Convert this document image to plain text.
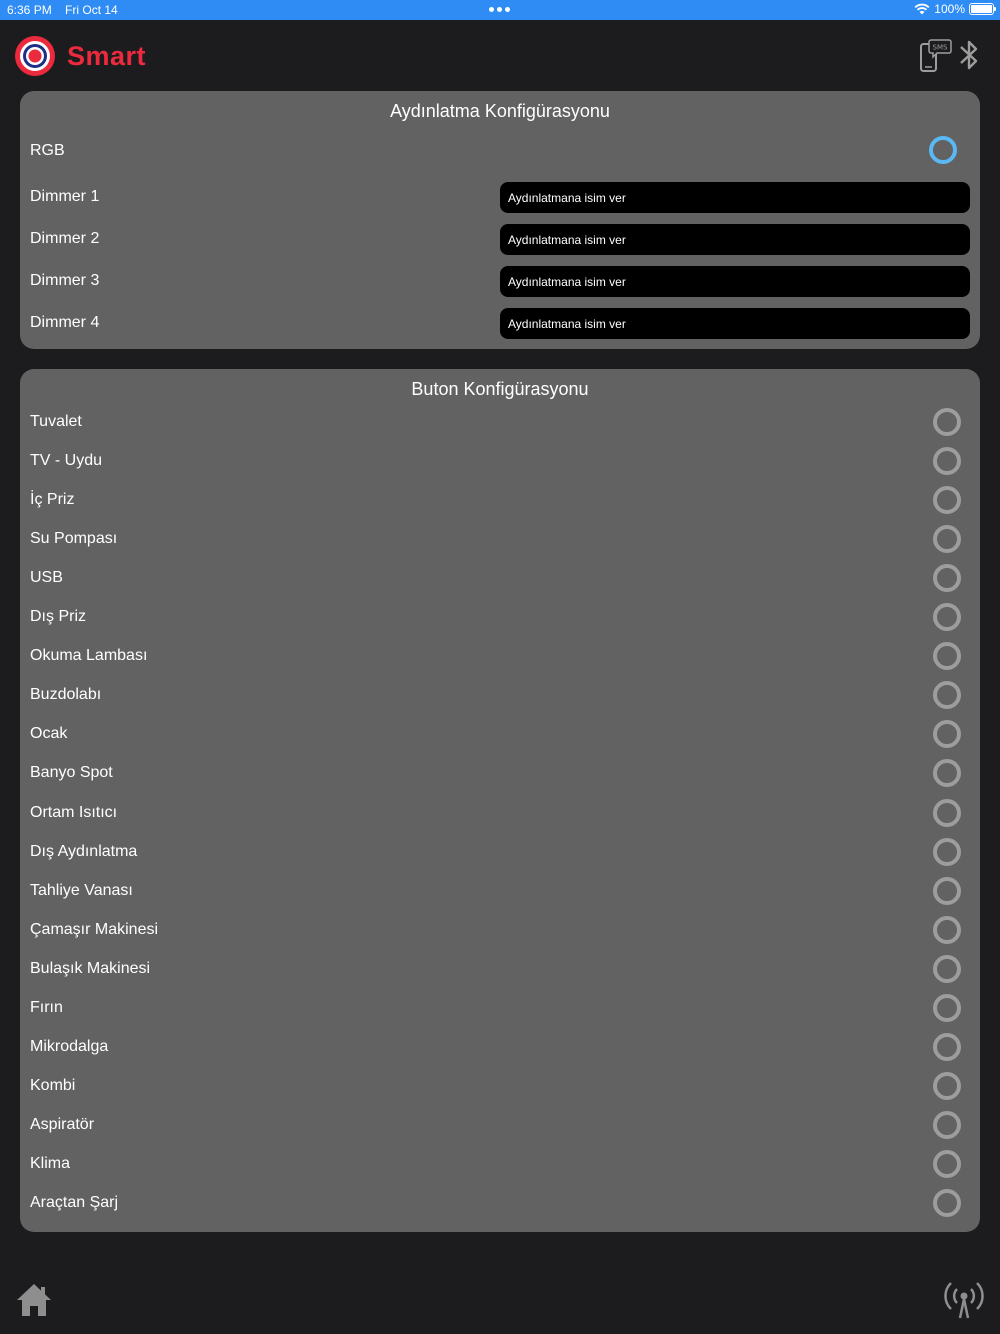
6:36 PM Fri Oct 14	100%
Smart	SMS
Aydınlatma Konfigürasyonu
RGB
Dimmer 1
Aydınlatmana isim ver
Dimmer 2
Aydınlatmana isim ver
Dimmer 3
Aydınlatmana isim ver
Dimmer 4
Aydınlatmana isim ver
Buton Konfigürasyonu
Tuvalet
TV - Uydu
İç Priz
Su Pompası
USB
Dış Priz
Okuma Lambası
Buzdolabı
Ocak
Banyo Spot
Ortam Isıtıcı
Dış Aydınlatma
Tahliye Vanası
Çamaşır Makinesi
Bulaşık Makinesi
Fırın
Mikrodalga
Kombi
Aspiratör
Klima
Araçtan Şarj
